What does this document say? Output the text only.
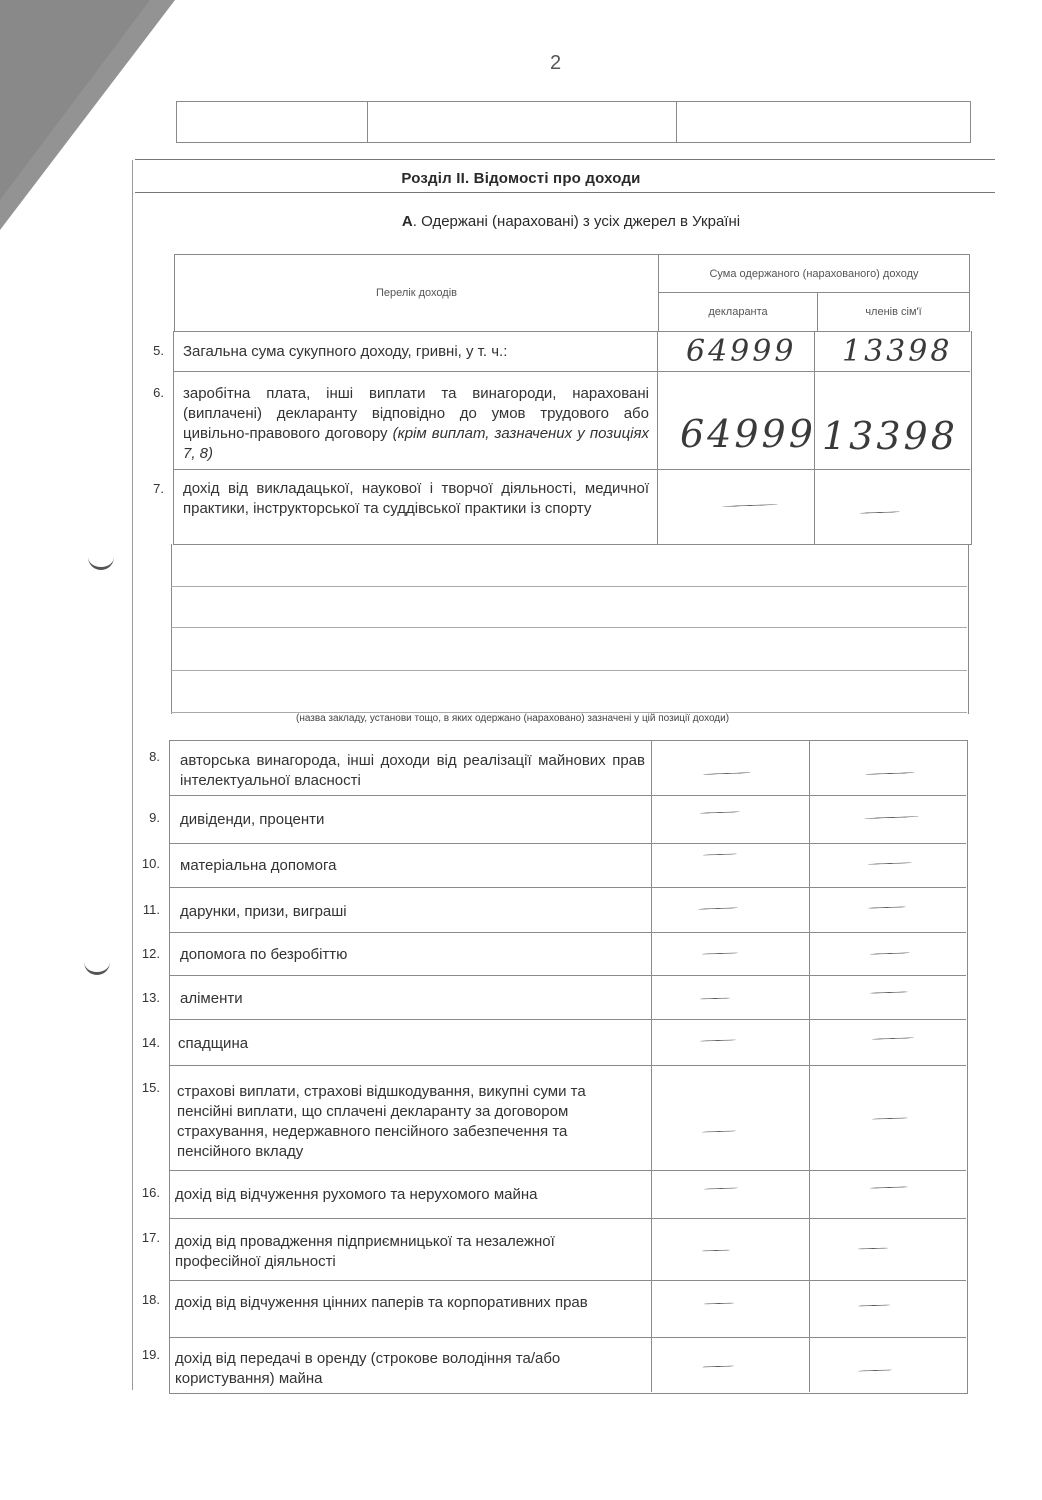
2

Розділ II. Відомості про доходи
А. Одержані (нараховані) з усіх джерел в Україні
Перелік доходів	Сума одержаного (нарахованого) доходу	
	декларанта	членів сім'ї
(назва закладу, установи тощо, в яких одержано (нараховано) зазначені у цій позиції доходи)
5. Загальна сума сукупного доходу, гривні, у т. ч.:	64999 13398
6. заробітна плата, інші виплати та винагороди, нараховані (виплачені) декларанту відповідно до умов трудового або цивільно-правового договору (крім виплат, зазначених у позиціях 7, 8)	64999 13398
7. дохід від викладацької, наукової і творчої діяльності, медичної практики, інструкторської та суддівської практики із спорту
8. авторська винагорода, інші доходи від реалізації майнових прав інтелектуальної власності
9. дивіденди, проценти
10. матеріальна допомога
11. дарунки, призи, виграші
12. допомога по безробіттю
13. аліменти
14. спадщина
15. страхові виплати, страхові відшкодування, викупні суми та пенсійні виплати, що сплачені декларанту за договором страхування, недержавного пенсійного забезпечення та пенсійного вкладу
16. дохід від відчуження рухомого та нерухомого майна
17. дохід від провадження підприємницької та незалежної професійної діяльності
18. дохід від відчуження цінних паперів та корпоративних прав
19. дохід від передачі в оренду (строкове володіння та/або користування) майна
